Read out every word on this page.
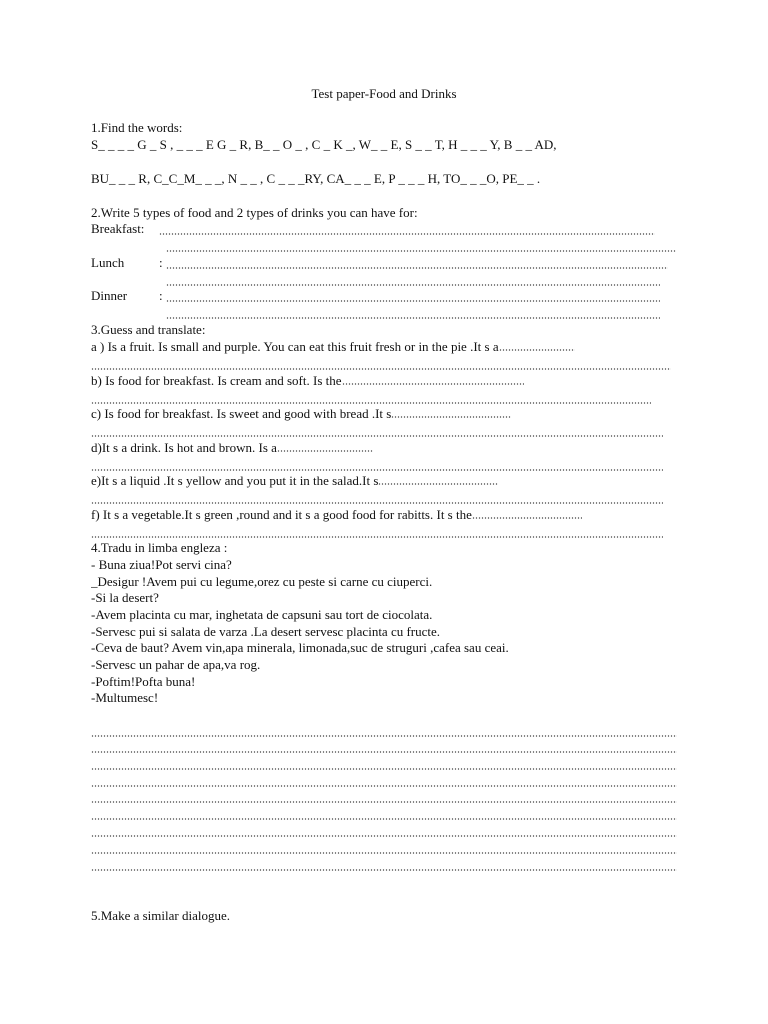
Test paper-Food and Drinks
1.Find the words:
S_ _ _ _ G _ S , _ _ _ E G _ R, B_ _ O _ , C _ K _, W_ _ E, S _ _ T, H _ _ _ Y, B _ _ AD,
BU_ _ _ R, C_C_M_ _ _, N _ _ , C _ _ _RY, CA_ _ _ E, P _ _ _ H, TO_ _ _O, PE_ _ .
2.Write 5 types of food and 2 types of drinks you can have for:
Breakfast:
Lunch	:
Dinner :
3.Guess and translate:
a ) Is a fruit. Is small and purple. You can eat this fruit fresh or in the pie .It s a
b) Is food for breakfast. Is cream and soft. Is the
c) Is food for breakfast. Is sweet and good with bread .It s
d)It s a drink. Is hot and brown. Is a
e)It s a liquid .It s yellow and you put it in the salad.It s
f) It s a vegetable.It s green ,round and it s a good food for rabitts. It s the
4.Tradu in limba engleza :
- Buna ziua!Pot servi cina?
_Desigur !Avem pui cu legume,orez cu peste si carne cu ciuperci.
-Si la desert?
-Avem placinta cu mar, inghetata de capsuni sau tort de ciocolata.
-Servesc pui si salata de varza .La desert servesc placinta cu fructe.
-Ceva de baut? Avem vin,apa minerala, limonada,suc de struguri ,cafea sau ceai.
-Servesc un pahar de apa,va rog.
-Poftim!Pofta buna!
-Multumesc!
5.Make a similar dialogue.
